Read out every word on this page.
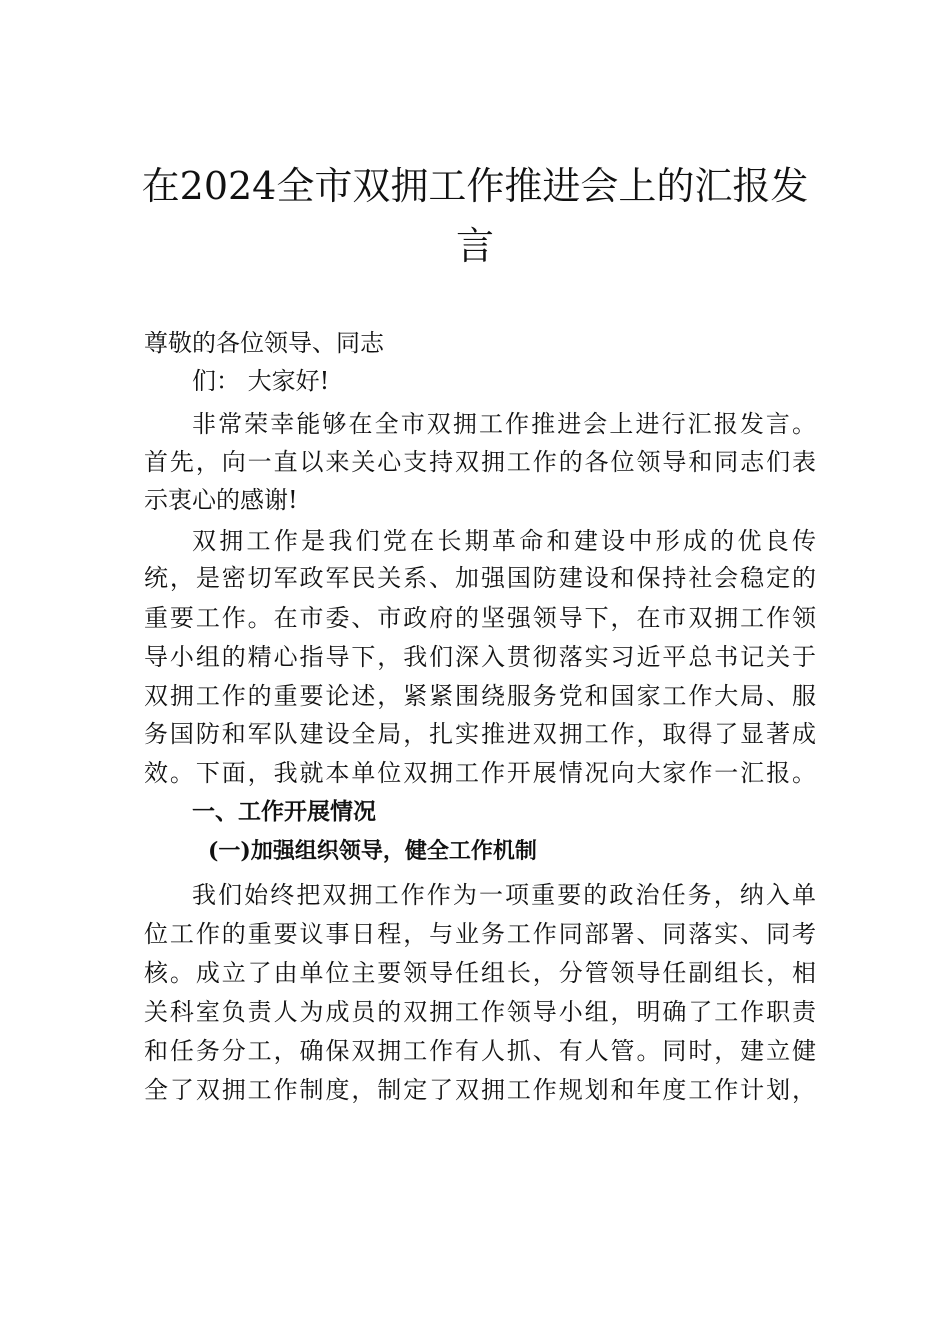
在2024全市双拥工作推进会上的汇报发
言
尊敬的各位领导、同志
们： 大家好!
非常荣幸能够在全市双拥工作推进会上进行汇报发言。
首先，向一直以来关心支持双拥工作的各位领导和同志们表
示衷心的感谢!
双拥工作是我们党在长期革命和建设中形成的优良传
统，是密切军政军民关系、加强国防建设和保持社会稳定的
重要工作。在市委、市政府的坚强领导下，在市双拥工作领
导小组的精心指导下，我们深入贯彻落实习近平总书记关于
双拥工作的重要论述，紧紧围绕服务党和国家工作大局、服
务国防和军队建设全局，扎实推进双拥工作，取得了显著成
效。下面，我就本单位双拥工作开展情况向大家作一汇报。
一、工作开展情况
(一)加强组织领导，健全工作机制
我们始终把双拥工作作为一项重要的政治任务，纳入单
位工作的重要议事日程，与业务工作同部署、同落实、同考
核。成立了由单位主要领导任组长，分管领导任副组长，相
关科室负责人为成员的双拥工作领导小组，明确了工作职责
和任务分工，确保双拥工作有人抓、有人管。同时，建立健
全了双拥工作制度，制定了双拥工作规划和年度工作计划，
